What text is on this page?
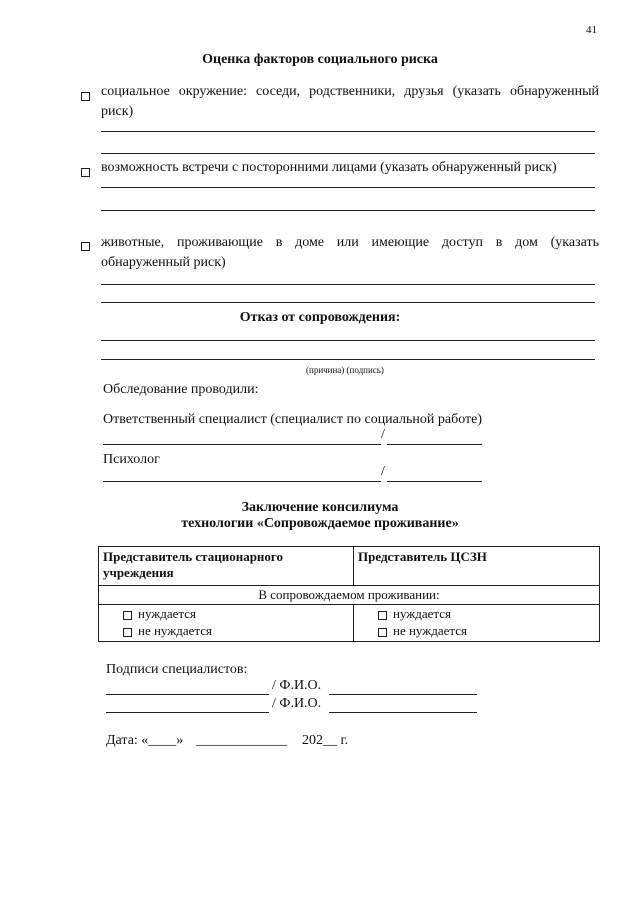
41
Оценка факторов социального риска
социальное окружение: соседи, родственники, друзья (указать обнаруженный
риск)
возможность встречи с посторонними лицами (указать обнаруженный риск)
животные, проживающие в доме или имеющие доступ в дом (указать
обнаруженный риск)
Отказ от сопровождения:
(причина) (подпись)
Обследование проводили:
Ответственный специалист (специалист по социальной работе)
/
Психолог
/
Заключение консилиума
технологии «Сопровождаемое проживание»
Представитель стационарного учреждения	Представитель ЦСЗН
В сопровождаемом проживании:	
нуждается	нуждается
не нуждается	не нуждается
Подписи специалистов:
/ Ф.И.О.
/ Ф.И.О.
Дата: «____» _____________ 202__ г.
